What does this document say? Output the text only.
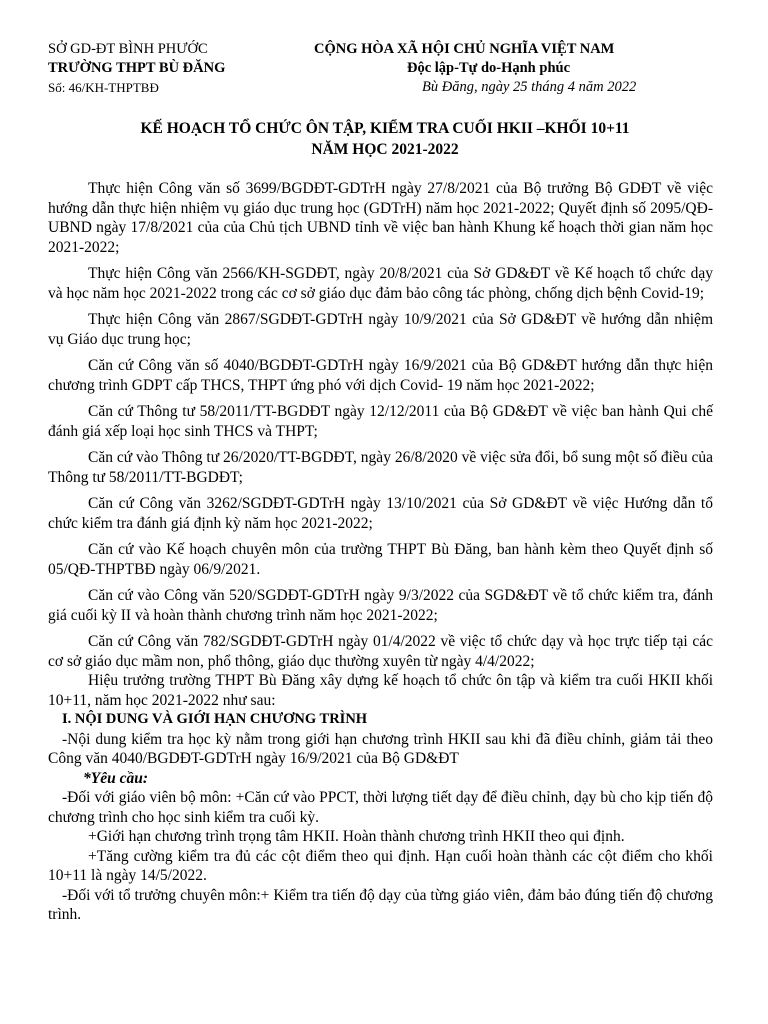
SỞ GD-ĐT BÌNH PHƯỚC
TRƯỜNG THPT BÙ ĐĂNG
Số: 46/KH-THPTBĐ
CỘNG HÒA XÃ HỘI CHỦ NGHĨA VIỆT NAM
Độc lập-Tự do-Hạnh phúc
Bù Đăng, ngày 25 tháng 4 năm 2022
KẾ HOẠCH TỔ CHỨC ÔN TẬP, KIỂM TRA CUỐI HKII –KHỐI 10+11
NĂM HỌC 2021-2022

Thực hiện Công văn số 3699/BGDĐT-GDTrH ngày 27/8/2021 của Bộ trưởng Bộ GDĐT về việc hướng dẫn thực hiện nhiệm vụ giáo dục trung học (GDTrH) năm học 2021-2022; Quyết định số 2095/QĐ-UBND ngày 17/8/2021 của của Chủ tịch UBND tỉnh về việc ban hành Khung kế hoạch thời gian năm học 2021-2022;

Thực hiện Công văn 2566/KH-SGDĐT, ngày 20/8/2021 của Sở GD&ĐT về Kế hoạch tổ chức dạy và học năm học 2021-2022 trong các cơ sở giáo dục đảm bảo công tác phòng, chống dịch bệnh Covid-19;

Thực hiện Công văn 2867/SGDĐT-GDTrH ngày 10/9/2021 của Sở GD&ĐT về hướng dẫn nhiệm vụ Giáo dục trung học;

Căn cứ Công văn số 4040/BGDĐT-GDTrH ngày 16/9/2021 của Bộ GD&ĐT hướng dẫn thực hiện chương trình GDPT cấp THCS, THPT ứng phó với dịch Covid- 19 năm học 2021-2022;

Căn cứ Thông tư 58/2011/TT-BGDĐT ngày 12/12/2011 của Bộ GD&ĐT về việc ban hành Qui chế đánh giá xếp loại học sinh THCS và THPT;

Căn cứ vào Thông tư 26/2020/TT-BGDĐT, ngày 26/8/2020 về việc sửa đổi, bổ sung một số điều của Thông tư 58/2011/TT-BGDĐT;

Căn cứ Công văn 3262/SGDĐT-GDTrH ngày 13/10/2021 của Sở GD&ĐT về việc Hướng dẫn tổ chức kiểm tra đánh giá định kỳ năm học 2021-2022;

Căn cứ vào Kế hoạch chuyên môn của trường THPT Bù Đăng, ban hành kèm theo Quyết định số 05/QĐ-THPTBĐ ngày 06/9/2021.

Căn cứ vào Công văn 520/SGDĐT-GDTrH ngày 9/3/2022 của SGD&ĐT về tổ chức kiểm tra, đánh giá cuối kỳ II và hoàn thành chương trình năm học 2021-2022;

Căn cứ Công văn 782/SGDĐT-GDTrH ngày 01/4/2022 về việc tổ chức dạy và học trực tiếp tại các cơ sở giáo dục mầm non, phổ thông, giáo dục thường xuyên từ ngày 4/4/2022;

Hiệu trưởng trường THPT Bù Đăng xây dựng kế hoạch tổ chức ôn tập và kiểm tra cuối HKII khối 10+11, năm học 2021-2022 như sau:

I. NỘI DUNG VÀ GIỚI HẠN CHƯƠNG TRÌNH

-Nội dung kiểm tra học kỳ nằm trong giới hạn chương trình HKII sau khi đã điều chỉnh, giảm tải theo Công văn 4040/BGDĐT-GDTrH ngày 16/9/2021 của Bộ GD&ĐT

*Yêu cầu:

-Đối với giáo viên bộ môn: +Căn cứ vào PPCT, thời lượng tiết dạy để điều chỉnh, dạy bù cho kịp tiến độ chương trình cho học sinh kiểm tra cuối kỳ.

+Giới hạn chương trình trọng tâm HKII. Hoàn thành chương trình HKII theo qui định.

+Tăng cường kiểm tra đủ các cột điểm theo qui định. Hạn cuối hoàn thành các cột điểm cho khối 10+11 là ngày 14/5/2022.

-Đối với tổ trưởng chuyên môn:+ Kiểm tra tiến độ dạy của từng giáo viên, đảm bảo đúng tiến độ chương trình.
